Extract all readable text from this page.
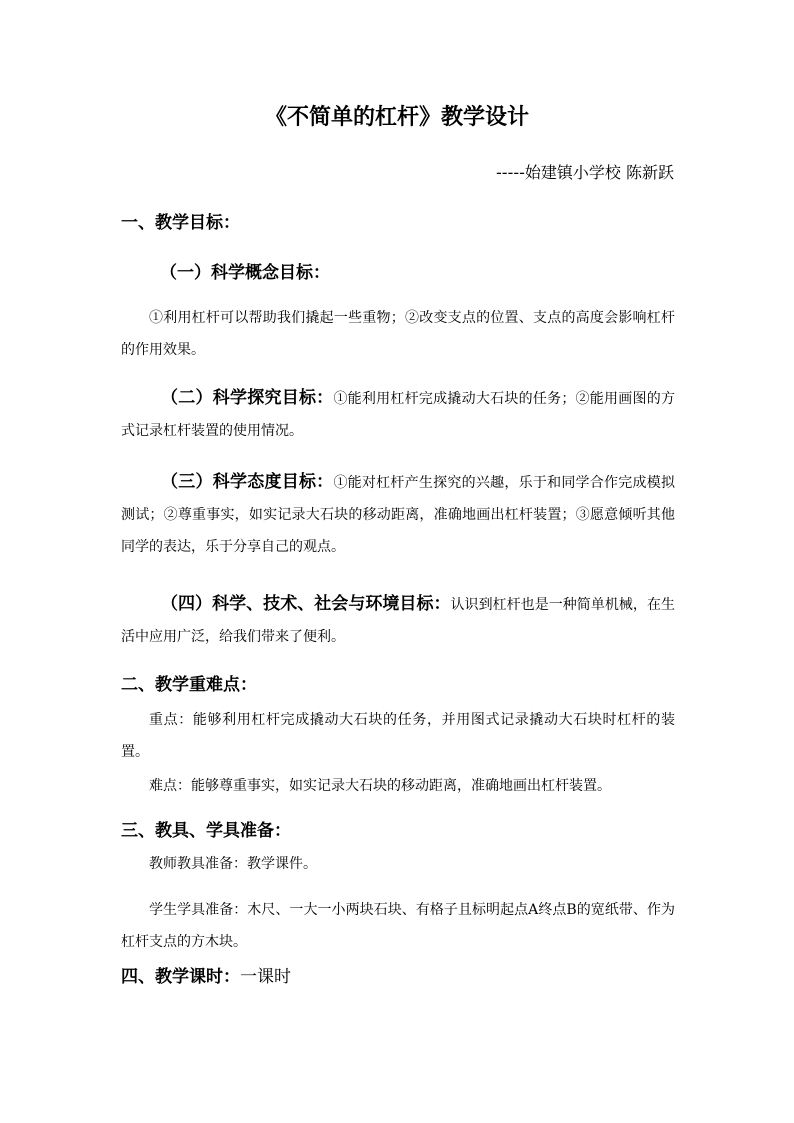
《不简单的杠杆》教学设计
-----始建镇小学校 陈新跃
一、教学目标：
（一）科学概念目标：
①利用杠杆可以帮助我们撬起一些重物；②改变支点的位置、支点的高度会影响杠杆的作用效果。
（二）科学探究目标：①能利用杠杆完成撬动大石块的任务；②能用画图的方式记录杠杆装置的使用情况。
（三）科学态度目标：①能对杠杆产生探究的兴趣，乐于和同学合作完成模拟测试；②尊重事实，如实记录大石块的移动距离，准确地画出杠杆装置；③愿意倾听其他同学的表达，乐于分享自己的观点。
（四）科学、技术、社会与环境目标：认识到杠杆也是一种简单机械，在生活中应用广泛，给我们带来了便利。
二、教学重难点：
重点：能够利用杠杆完成撬动大石块的任务，并用图式记录撬动大石块时杠杆的装置。
难点：能够尊重事实，如实记录大石块的移动距离，准确地画出杠杆装置。
三、教具、学具准备：
教师教具准备：教学课件。
学生学具准备：木尺、一大一小两块石块、有格子且标明起点A终点B的宽纸带、作为杠杆支点的方木块。
四、教学课时：一课时
